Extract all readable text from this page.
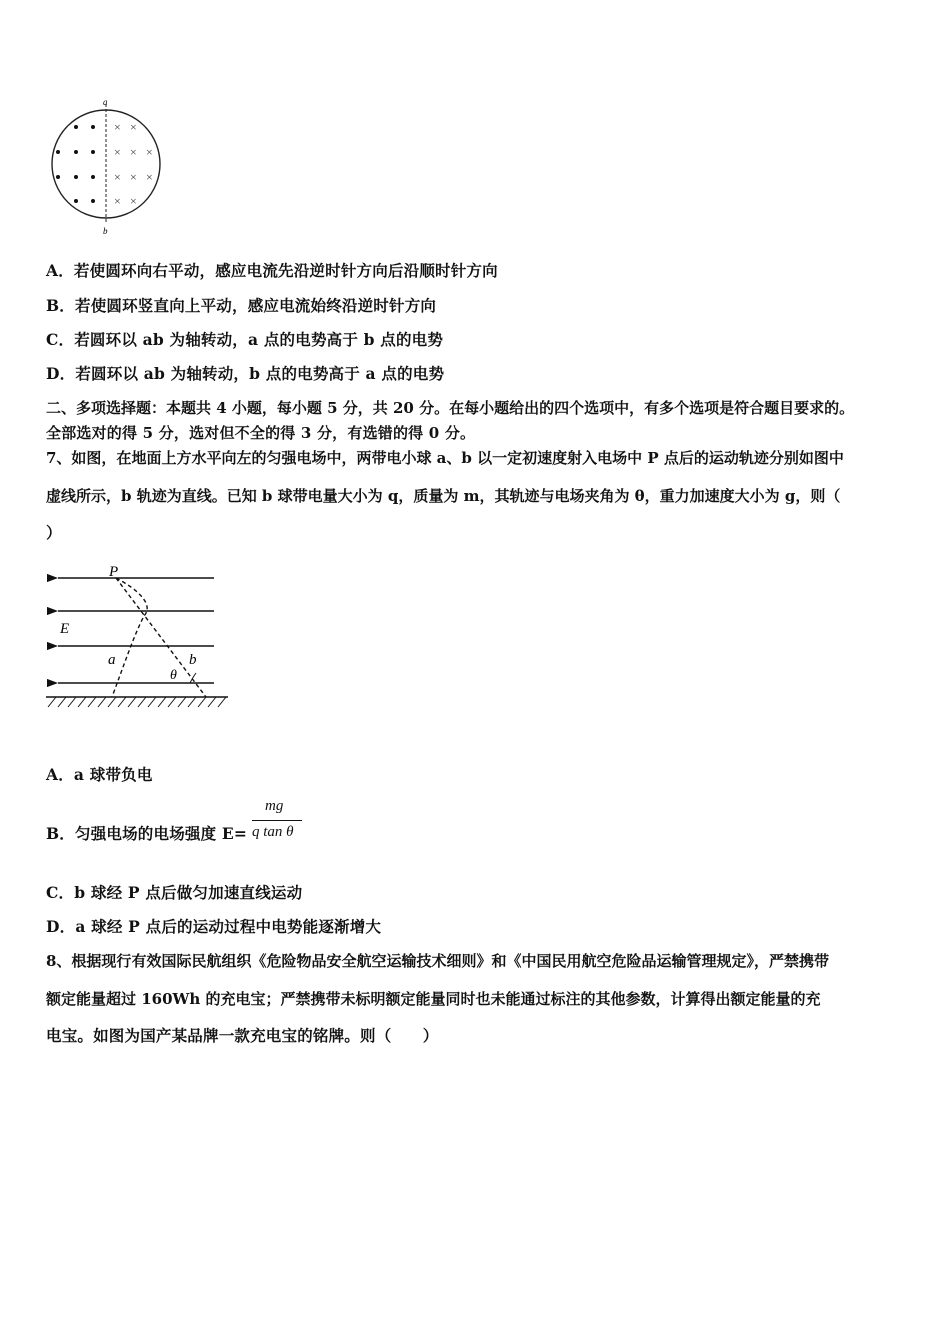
a
b
× ×
× × ×
× × ×
× ×
A．若使圆环向右平动，感应电流先沿逆时针方向后沿顺时针方向
B．若使圆环竖直向上平动，感应电流始终沿逆时针方向
C．若圆环以 ab 为轴转动，a 点的电势高于 b 点的电势
D．若圆环以 ab 为轴转动，b 点的电势高于 a 点的电势
二、多项选择题：本题共 4 小题，每小题 5 分，共 20 分。在每小题给出的四个选项中，有多个选项是符合题目要求的。
全部选对的得 5 分，选对但不全的得 3 分，有选错的得 0 分。
7、如图，在地面上方水平向左的匀强电场中，两带电小球 a、b 以一定初速度射入电场中 P 点后的运动轨迹分别如图中
虚线所示，b 轨迹为直线。已知 b 球带电量大小为 q，质量为 m，其轨迹与电场夹角为 θ，重力加速度大小为 g，则（
）
P
E
a	b
θ
A．a 球带负电
B．匀强电场的电场强度 E=
mg
q tan θ
C．b 球经 P 点后做匀加速直线运动
D．a 球经 P 点后的运动过程中电势能逐渐增大
8、根据现行有效国际民航组织《危险物品安全航空运输技术细则》和《中国民用航空危险品运输管理规定》，严禁携带
额定能量超过 160Wh 的充电宝；严禁携带未标明额定能量同时也未能通过标注的其他参数，计算得出额定能量的充
电宝。如图为国产某品牌一款充电宝的铭牌。则（　　）
